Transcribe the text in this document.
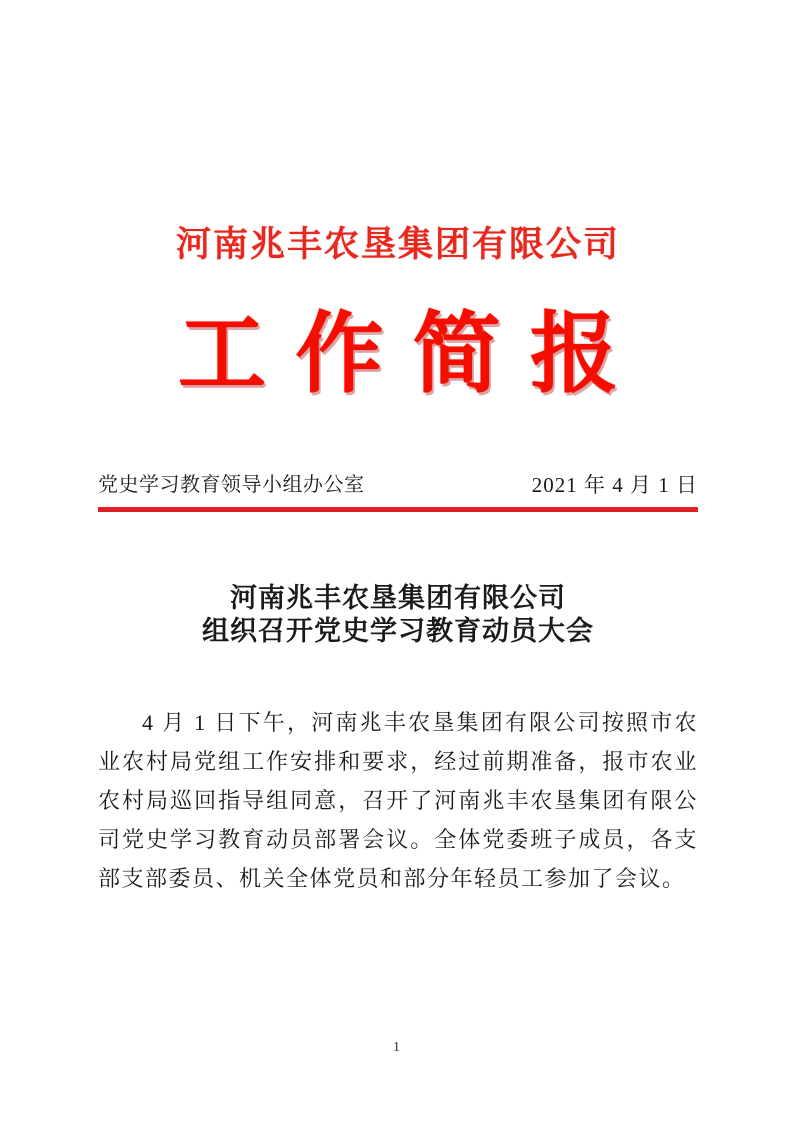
河南兆丰农垦集团有限公司
工 作 简 报
党史学习教育领导小组办公室	2021 年 4 月 1 日
河南兆丰农垦集团有限公司
组织召开党史学习教育动员大会

4 月 1 日下午，河南兆丰农垦集团有限公司按照市农业农村局党组工作安排和要求，经过前期准备，报市农业农村局巡回指导组同意，召开了河南兆丰农垦集团有限公司党史学习教育动员部署会议。全体党委班子成员，各支部支部委员、机关全体党员和部分年轻员工参加了会议。

1
